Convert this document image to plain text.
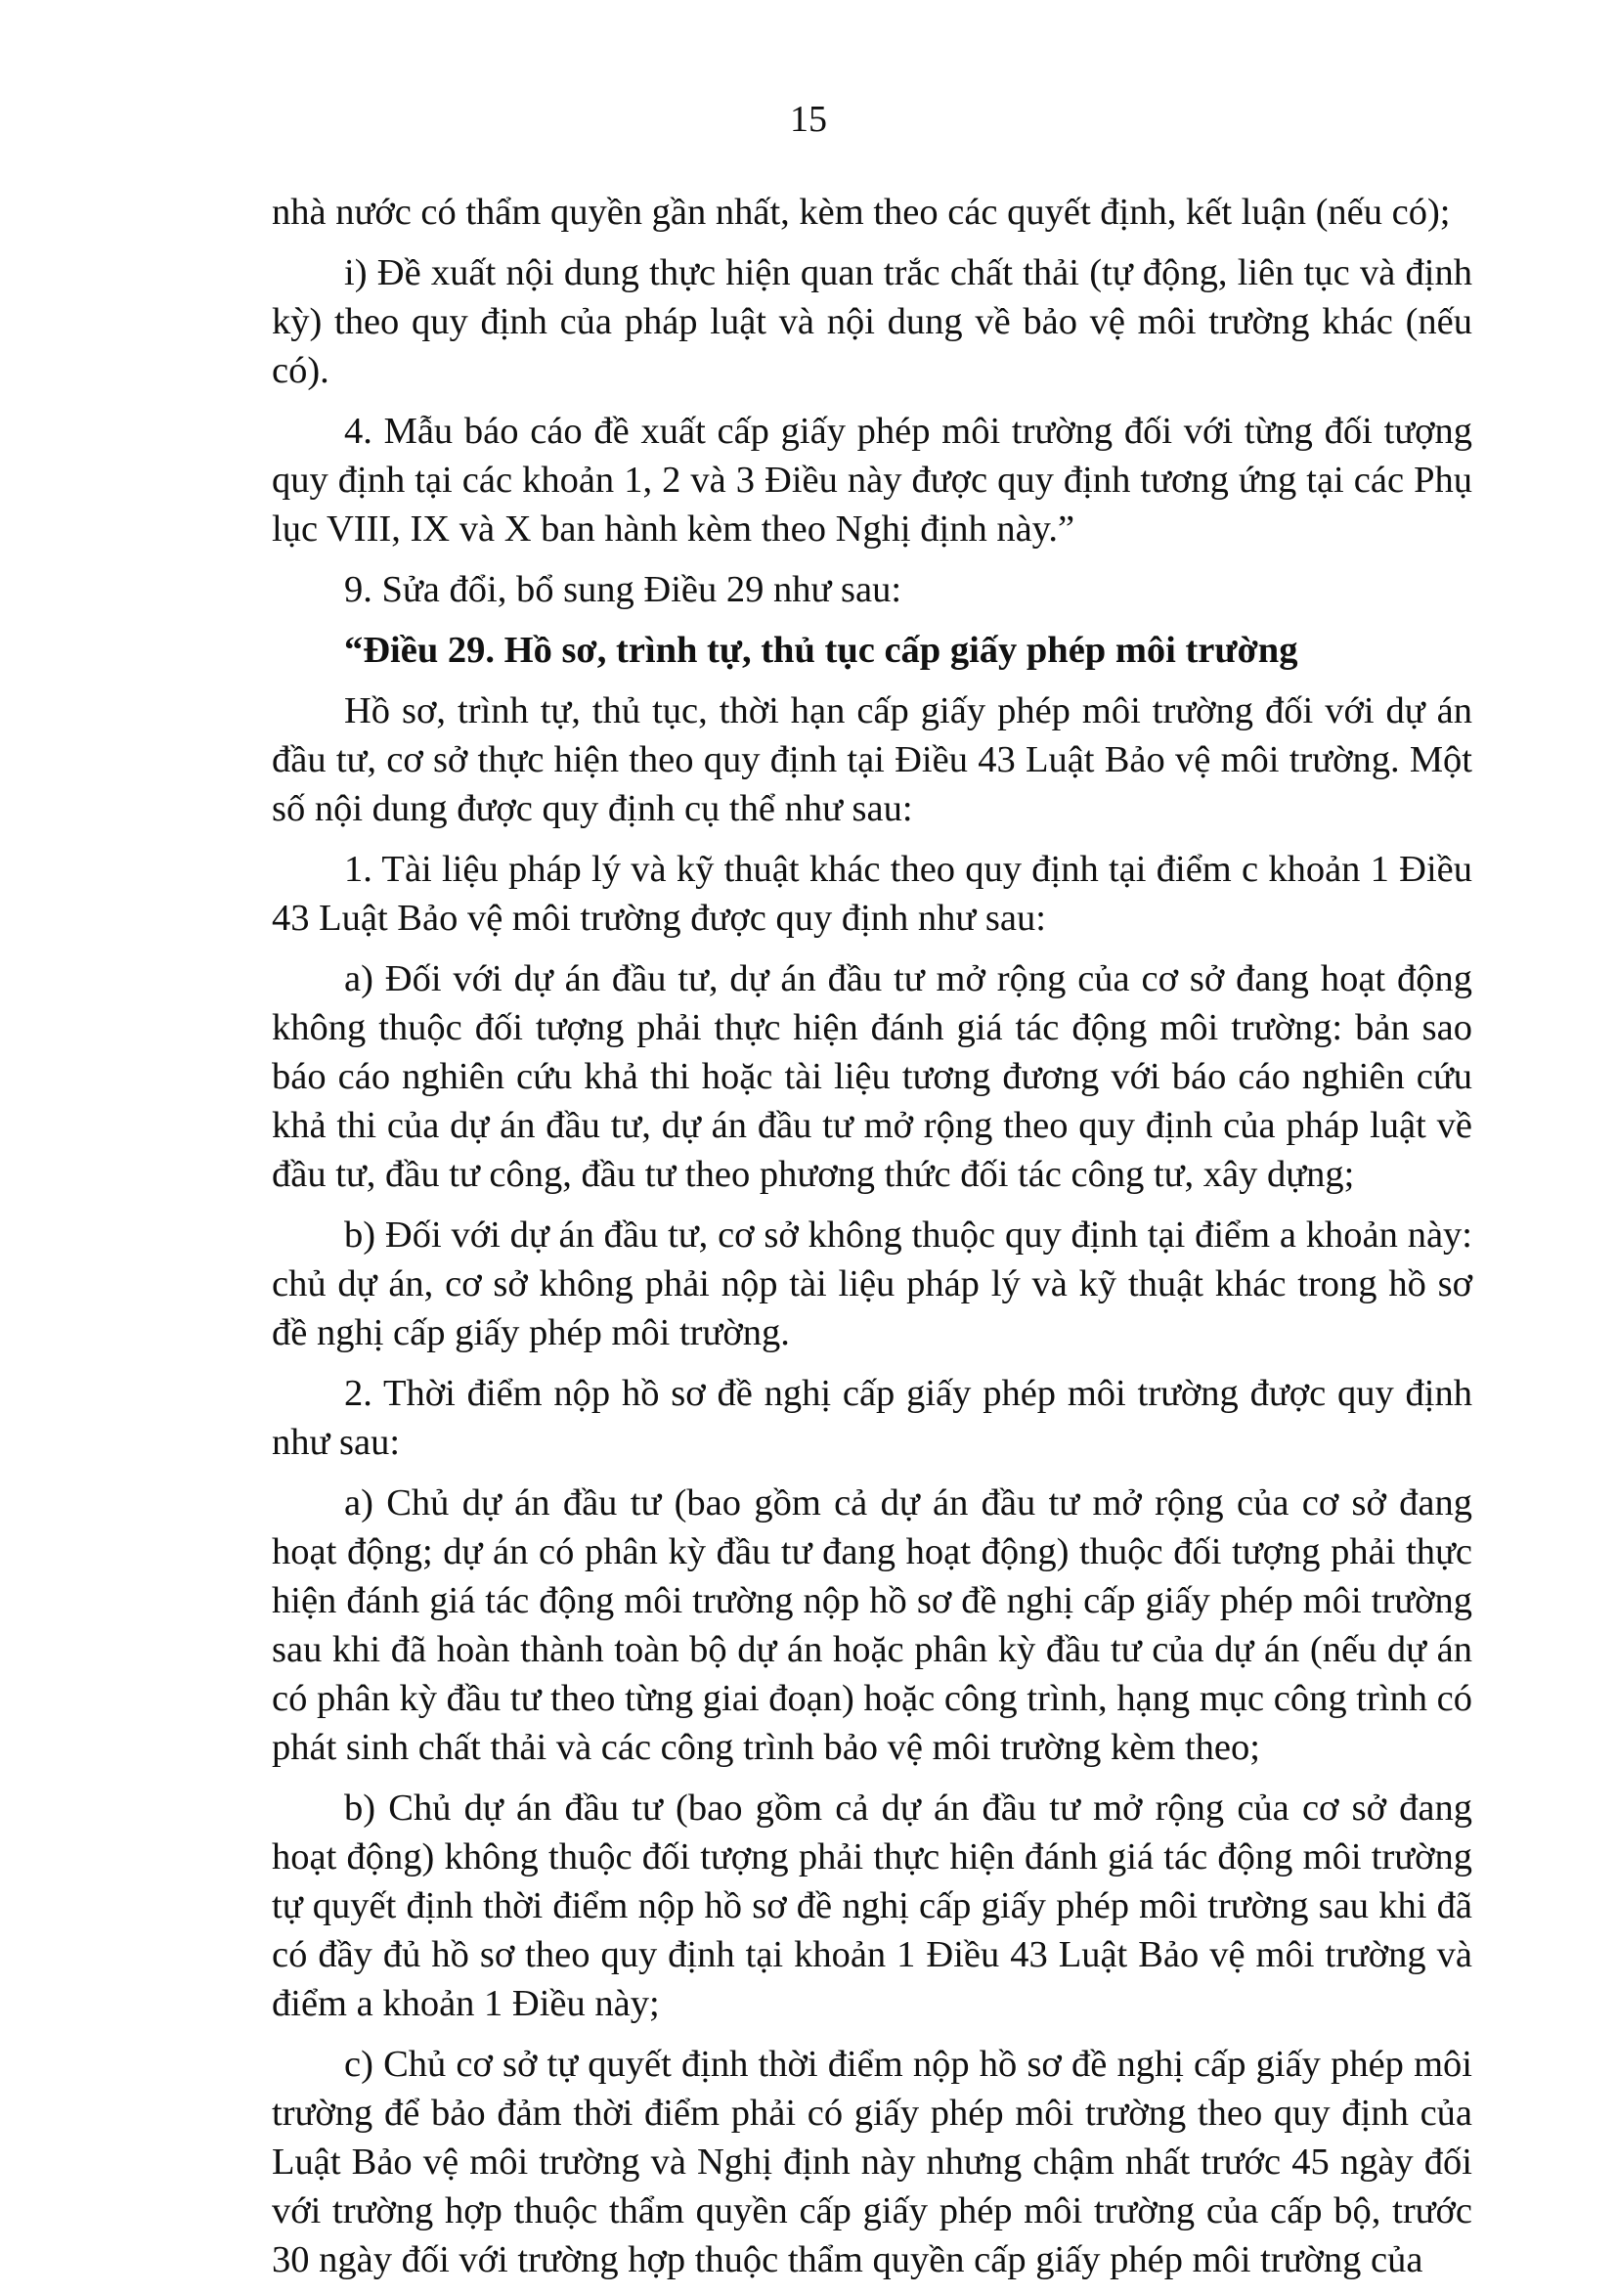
15

nhà nước có thẩm quyền gần nhất, kèm theo các quyết định, kết luận (nếu có);

i) Đề xuất nội dung thực hiện quan trắc chất thải (tự động, liên tục và định kỳ) theo quy định của pháp luật và nội dung về bảo vệ môi trường khác (nếu có).

4. Mẫu báo cáo đề xuất cấp giấy phép môi trường đối với từng đối tượng quy định tại các khoản 1, 2 và 3 Điều này được quy định tương ứng tại các Phụ lục VIII, IX và X ban hành kèm theo Nghị định này.”

9. Sửa đổi, bổ sung Điều 29 như sau:

“Điều 29. Hồ sơ, trình tự, thủ tục cấp giấy phép môi trường

Hồ sơ, trình tự, thủ tục, thời hạn cấp giấy phép môi trường đối với dự án đầu tư, cơ sở thực hiện theo quy định tại Điều 43 Luật Bảo vệ môi trường. Một số nội dung được quy định cụ thể như sau:

1. Tài liệu pháp lý và kỹ thuật khác theo quy định tại điểm c khoản 1 Điều 43 Luật Bảo vệ môi trường được quy định như sau:

a) Đối với dự án đầu tư, dự án đầu tư mở rộng của cơ sở đang hoạt động không thuộc đối tượng phải thực hiện đánh giá tác động môi trường: bản sao báo cáo nghiên cứu khả thi hoặc tài liệu tương đương với báo cáo nghiên cứu khả thi của dự án đầu tư, dự án đầu tư mở rộng theo quy định của pháp luật về đầu tư, đầu tư công, đầu tư theo phương thức đối tác công tư, xây dựng;

b) Đối với dự án đầu tư, cơ sở không thuộc quy định tại điểm a khoản này: chủ dự án, cơ sở không phải nộp tài liệu pháp lý và kỹ thuật khác trong hồ sơ đề nghị cấp giấy phép môi trường.

2. Thời điểm nộp hồ sơ đề nghị cấp giấy phép môi trường được quy định như sau:

a) Chủ dự án đầu tư (bao gồm cả dự án đầu tư mở rộng của cơ sở đang hoạt động; dự án có phân kỳ đầu tư đang hoạt động) thuộc đối tượng phải thực hiện đánh giá tác động môi trường nộp hồ sơ đề nghị cấp giấy phép môi trường sau khi đã hoàn thành toàn bộ dự án hoặc phân kỳ đầu tư của dự án (nếu dự án có phân kỳ đầu tư theo từng giai đoạn) hoặc công trình, hạng mục công trình có phát sinh chất thải và các công trình bảo vệ môi trường kèm theo;

b) Chủ dự án đầu tư (bao gồm cả dự án đầu tư mở rộng của cơ sở đang hoạt động) không thuộc đối tượng phải thực hiện đánh giá tác động môi trường tự quyết định thời điểm nộp hồ sơ đề nghị cấp giấy phép môi trường sau khi đã có đầy đủ hồ sơ theo quy định tại khoản 1 Điều 43 Luật Bảo vệ môi trường và điểm a khoản 1 Điều này;

c) Chủ cơ sở tự quyết định thời điểm nộp hồ sơ đề nghị cấp giấy phép môi trường để bảo đảm thời điểm phải có giấy phép môi trường theo quy định của Luật Bảo vệ môi trường và Nghị định này nhưng chậm nhất trước 45 ngày đối với trường hợp thuộc thẩm quyền cấp giấy phép môi trường của cấp bộ, trước 30 ngày đối với trường hợp thuộc thẩm quyền cấp giấy phép môi trường của
